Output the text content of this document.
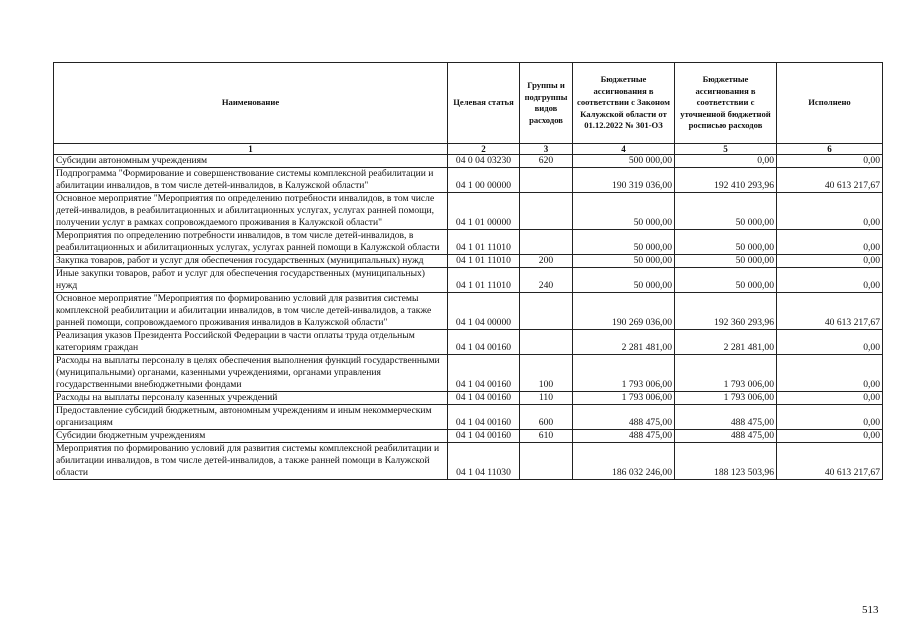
Наименование	Целевая статья	Группы и подгруппы видов расходов	Бюджетные ассигнования в соответствии с Законом Калужской области от 01.12.2022 № 301-ОЗ	Бюджетные ассигнования в соответствии с уточненной бюджетной росписью расходов	Исполнено
1	2	3	4	5	6
Субсидии автономным учреждениям	04 0 04 03230	620	500 000,00	0,00	0,00
Подпрограмма "Формирование и совершенствование системы комплексной реабилитации и абилитации инвалидов, в том числе детей-инвалидов, в Калужской области"	04 1 00 00000		190 319 036,00	192 410 293,96	40 613 217,67
Основное мероприятие "Мероприятия по определению потребности инвалидов, в том числе детей-инвалидов, в реабилитационных и абилитационных услугах, услугах ранней помощи, получении услуг в рамках сопровождаемого проживания в Калужской области"	04 1 01 00000		50 000,00	50 000,00	0,00
Мероприятия по определению потребности инвалидов, в том числе детей-инвалидов, в реабилитационных и абилитационных услугах, услугах ранней помощи в Калужской области	04 1 01 11010		50 000,00	50 000,00	0,00
Закупка товаров, работ и услуг для обеспечения государственных (муниципальных) нужд	04 1 01 11010	200	50 000,00	50 000,00	0,00
Иные закупки товаров, работ и услуг для обеспечения государственных (муниципальных) нужд	04 1 01 11010	240	50 000,00	50 000,00	0,00
Основное мероприятие "Мероприятия по формированию условий для развития системы комплексной реабилитации и абилитации инвалидов, в том числе детей-инвалидов, а также ранней помощи, сопровождаемого проживания инвалидов в Калужской области"	04 1 04 00000		190 269 036,00	192 360 293,96	40 613 217,67
Реализация указов Президента Российской Федерации в части оплаты труда отдельным категориям граждан	04 1 04 00160		2 281 481,00	2 281 481,00	0,00
Расходы на выплаты персоналу в целях обеспечения выполнения функций государственными (муниципальными) органами, казенными учреждениями, органами управления государственными внебюджетными фондами	04 1 04 00160	100	1 793 006,00	1 793 006,00	0,00
Расходы на выплаты персоналу казенных учреждений	04 1 04 00160	110	1 793 006,00	1 793 006,00	0,00
Предоставление субсидий бюджетным, автономным учреждениям и иным некоммерческим организациям	04 1 04 00160	600	488 475,00	488 475,00	0,00
Субсидии бюджетным учреждениям	04 1 04 00160	610	488 475,00	488 475,00	0,00
Мероприятия по формированию условий для развития системы комплексной реабилитации и абилитации инвалидов, в том числе детей-инвалидов, а также ранней помощи в Калужской области	04 1 04 11030		186 032 246,00	188 123 503,96	40 613 217,67
513
